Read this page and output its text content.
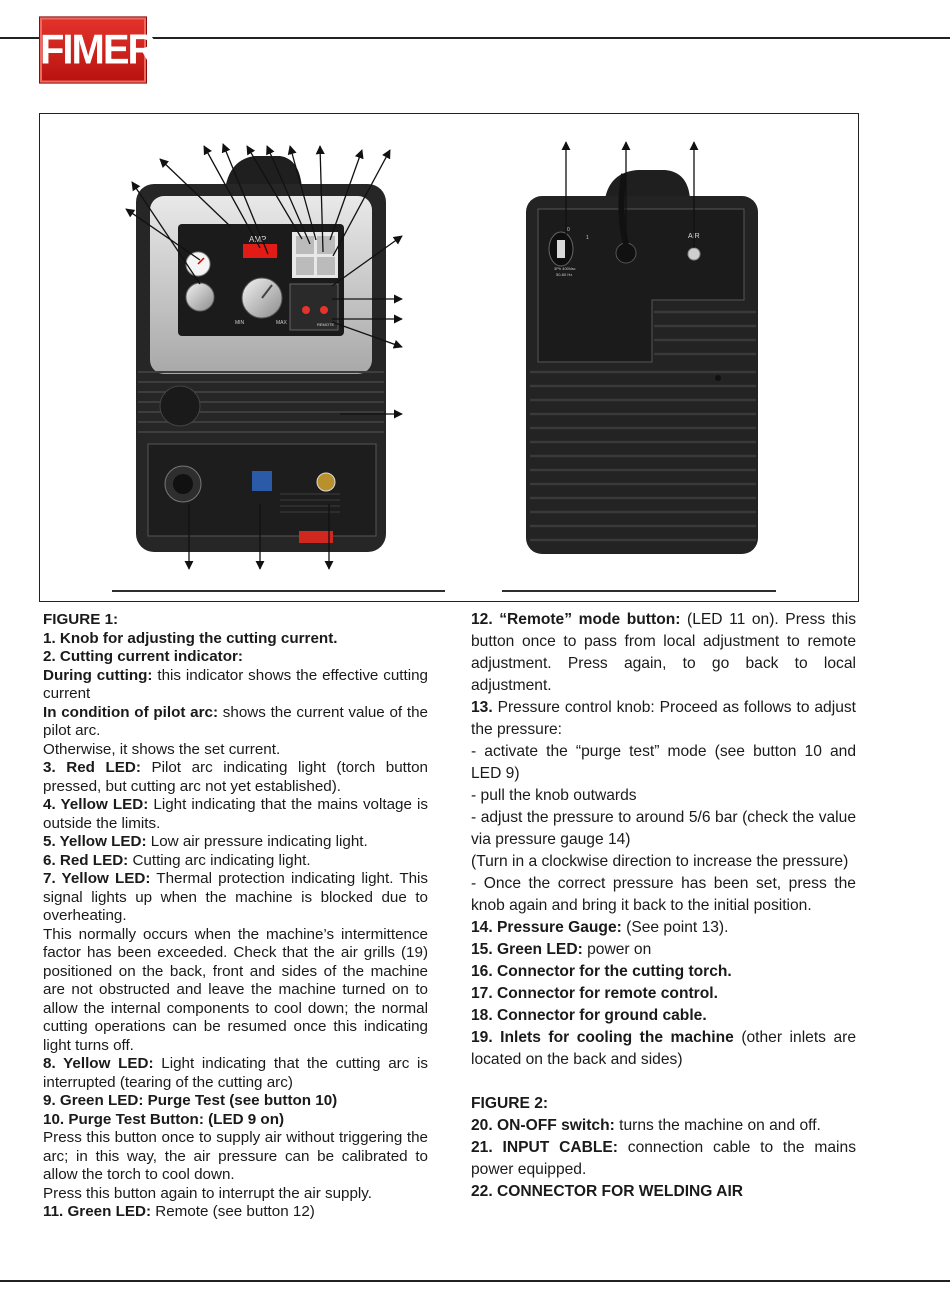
FIMER
AMP
MIN	MAX	REMOTE
0
1
3Ph 400Vac
50-60 Hz
AIR

FIGURE 1:

1. Knob for adjusting the cutting current.

2. Cutting current indicator:

During cutting: this indicator shows the effective cutting current

In condition of pilot arc: shows the current value of the pilot arc.

Otherwise, it shows the set current.

3. Red LED: Pilot arc indicating light (torch button pressed, but cutting arc not yet established).

4. Yellow LED: Light indicating that the mains voltage is outside the limits.

5. Yellow LED: Low air pressure indicating light.

6. Red LED: Cutting arc indicating light.

7. Yellow LED: Thermal protection indicating light. This signal lights up when the machine is blocked due to overheating.

This normally occurs when the machine’s intermittence factor has been exceeded. Check that the air grills (19) positioned on the back, front and sides of the machine are not obstructed and leave the machine turned on to allow the internal components to cool down; the normal cutting operations can be resumed once this indicating light turns off.

8. Yellow LED: Light indicating that the cutting arc is interrupted (tearing of the cutting arc)

9. Green LED: Purge Test (see button 10)

10. Purge Test Button: (LED 9 on)

Press this button once to supply air without triggering the arc; in this way, the air pressure can be calibrated to allow the torch to cool down.

Press this button again to interrupt the air supply.

11. Green LED: Remote (see button 12)

12. “Remote” mode button: (LED 11 on). Press this button once to pass from local adjustment to remote adjustment. Press again, to go back to local adjustment.

13. Pressure control knob: Proceed as follows to adjust the pressure:

- activate the “purge test” mode (see button 10 and LED 9)

- pull the knob outwards

- adjust the pressure to around 5/6 bar (check the value via pressure gauge 14)

(Turn in a clockwise direction to increase the pressure)

- Once the correct pressure has been set, press the knob again and bring it back to the initial position.

14. Pressure Gauge: (See point 13).

15. Green LED: power on

16. Connector for the cutting torch.

17. Connector for remote control.

18. Connector for ground cable.

19. Inlets for cooling the machine (other inlets are located on the back and sides)

FIGURE 2:

20. ON-OFF switch: turns the machine on and off.

21. INPUT CABLE: connection cable to the mains power equipped.

22. CONNECTOR FOR WELDING AIR
